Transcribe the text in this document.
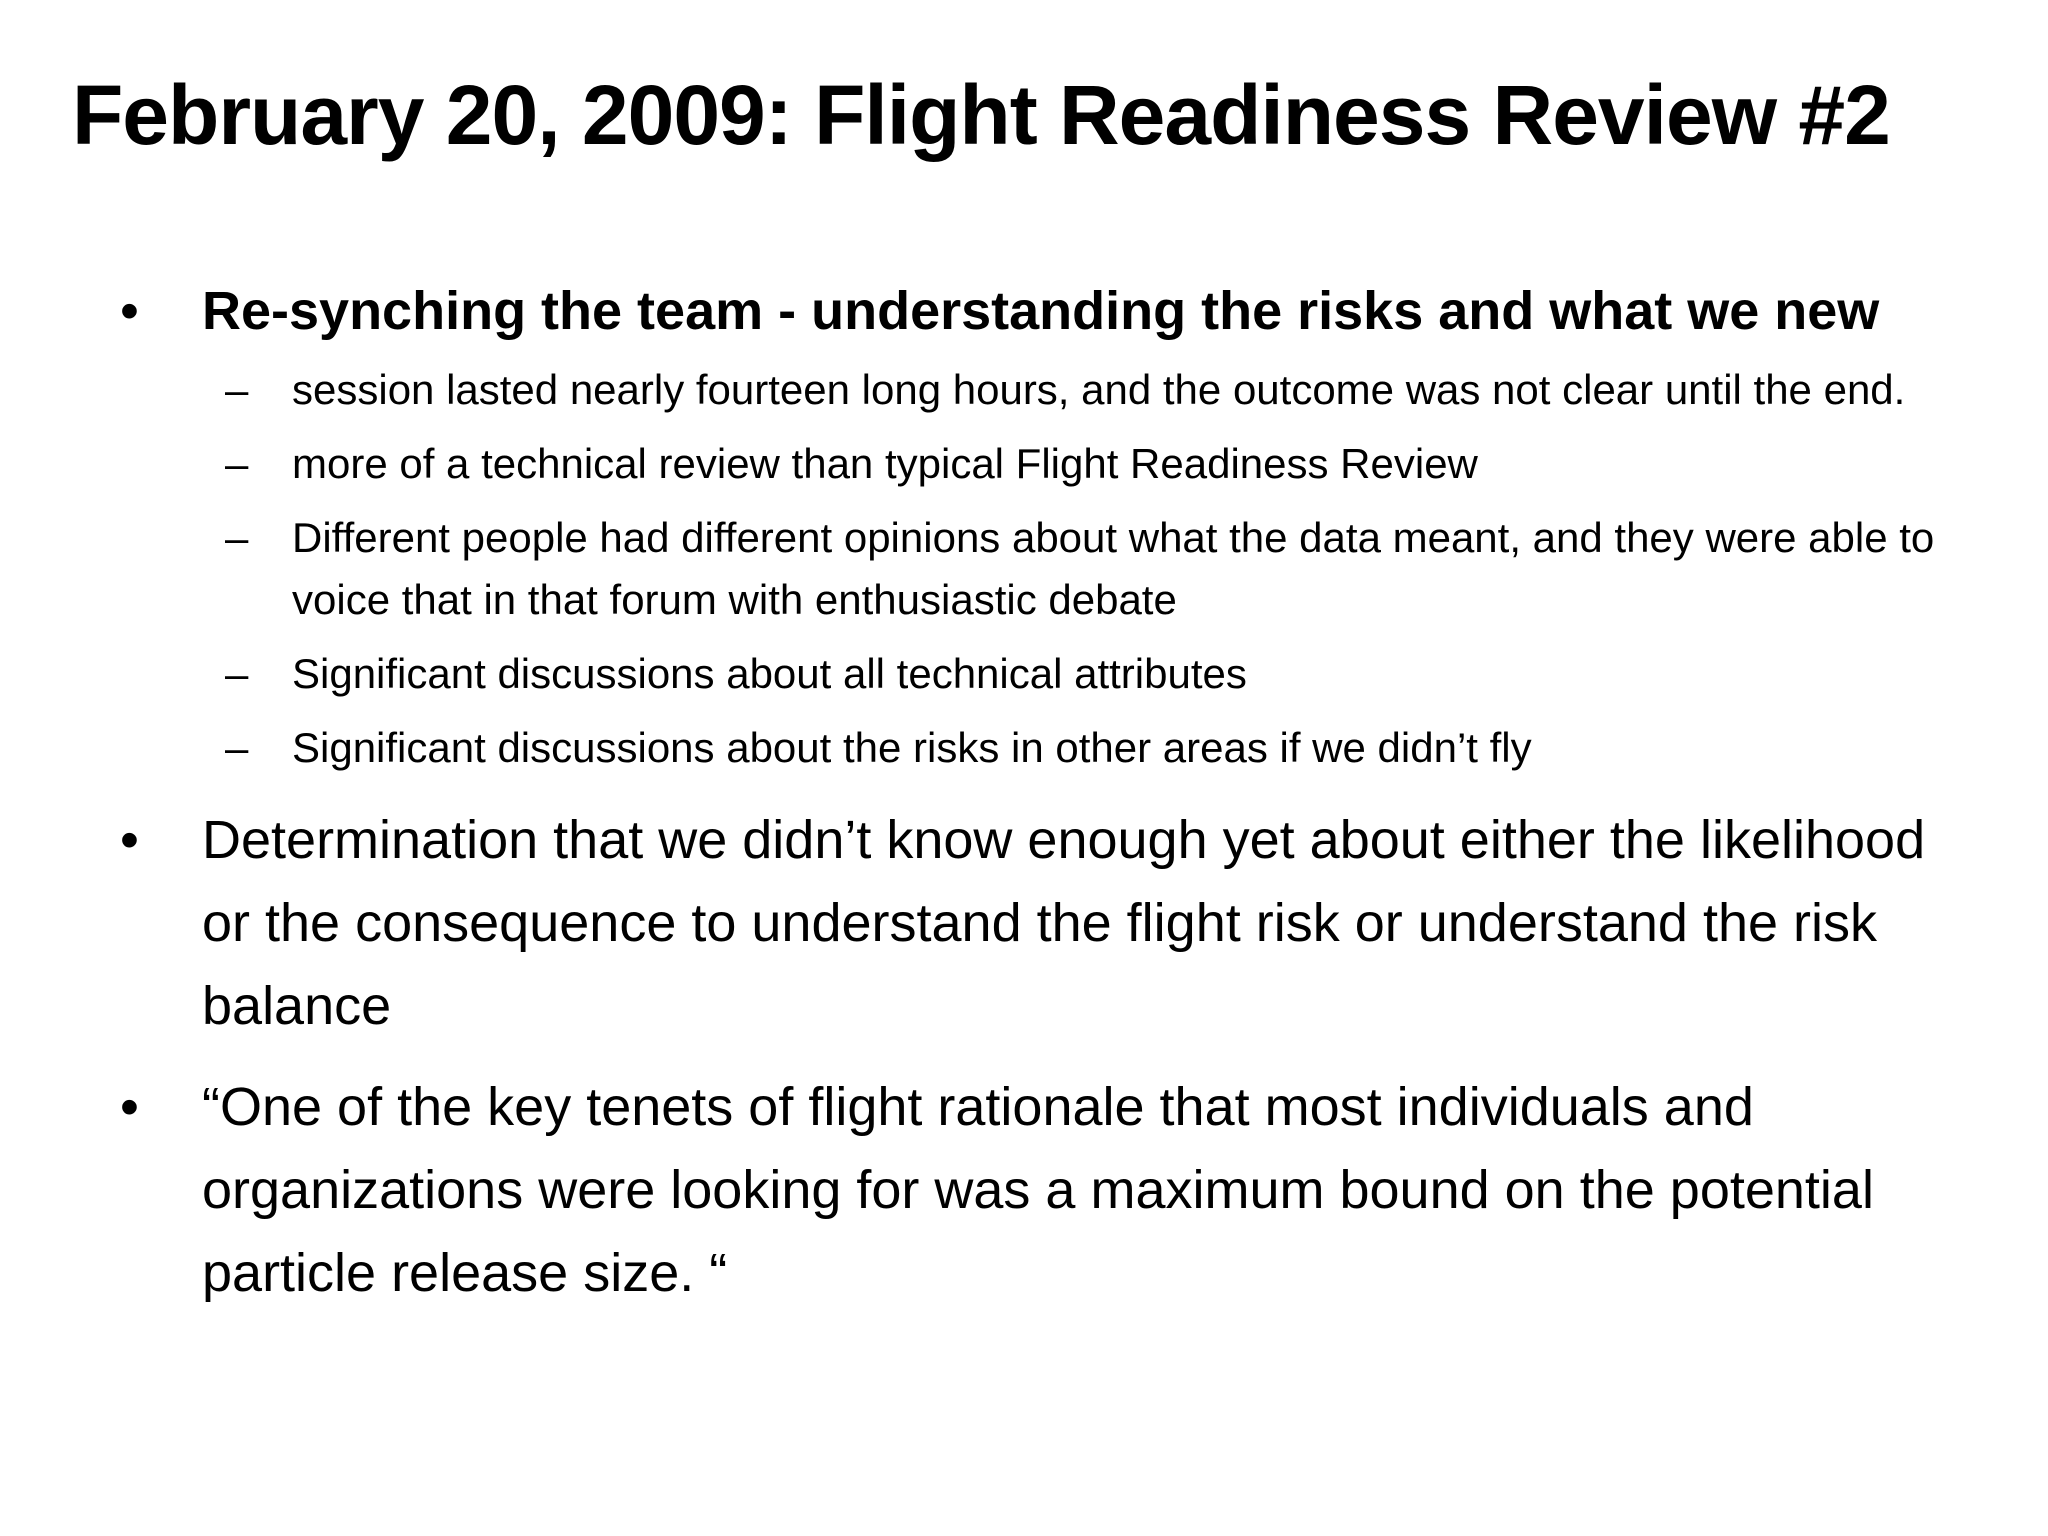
February 20, 2009: Flight Readiness Review #2
• Re-synching the team - understanding the risks and what we new
– session lasted nearly fourteen long hours, and the outcome was not clear until the end.
– more of a technical review than typical Flight Readiness Review
– Different people had different opinions about what the data meant, and they were able to voice that in that forum with enthusiastic debate
– Significant discussions about all technical attributes
– Significant discussions about the risks in other areas if we didn’t fly
• Determination that we didn’t know enough yet about either the likelihood or the consequence to understand the flight risk or understand the risk balance
• “One of the key tenets of flight rationale that most individuals and organizations were looking for was a maximum bound on the potential particle release size. “
